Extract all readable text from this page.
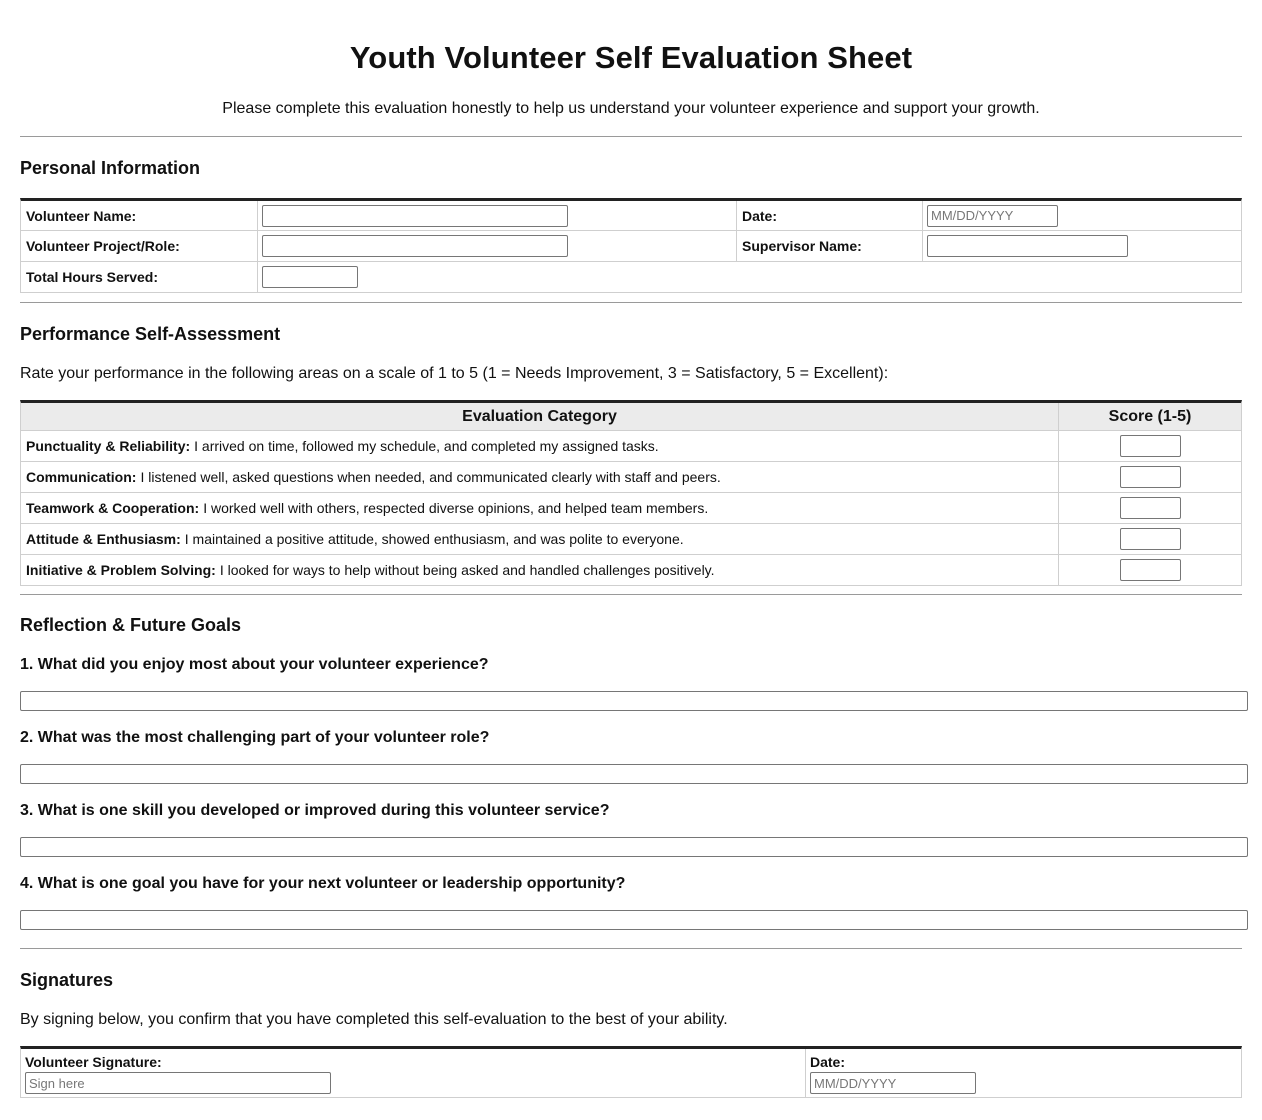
Youth Volunteer Self Evaluation Sheet
Please complete this evaluation honestly to help us understand your volunteer experience and support your growth.
Personal Information
Volunteer Name:	Date:	MM/DD/YYYY
Volunteer Project/Role:	Supervisor Name:
Total Hours Served:
Performance Self-Assessment
Rate your performance in the following areas on a scale of 1 to 5 (1 = Needs Improvement, 3 = Satisfactory, 5 = Excellent):
Evaluation Category	Score (1-5)
Punctuality & Reliability: I arrived on time, followed my schedule, and completed my assigned tasks.
Communication: I listened well, asked questions when needed, and communicated clearly with staff and peers.
Teamwork & Cooperation: I worked well with others, respected diverse opinions, and helped team members.
Attitude & Enthusiasm: I maintained a positive attitude, showed enthusiasm, and was polite to everyone.
Initiative & Problem Solving: I looked for ways to help without being asked and handled challenges positively.
Reflection & Future Goals
1. What did you enjoy most about your volunteer experience?
2. What was the most challenging part of your volunteer role?
3. What is one skill you developed or improved during this volunteer service?
4. What is one goal you have for your next volunteer or leadership opportunity?
Signatures
By signing below, you confirm that you have completed this self-evaluation to the best of your ability.
Volunteer Signature:
Sign here
Date:
MM/DD/YYYY
